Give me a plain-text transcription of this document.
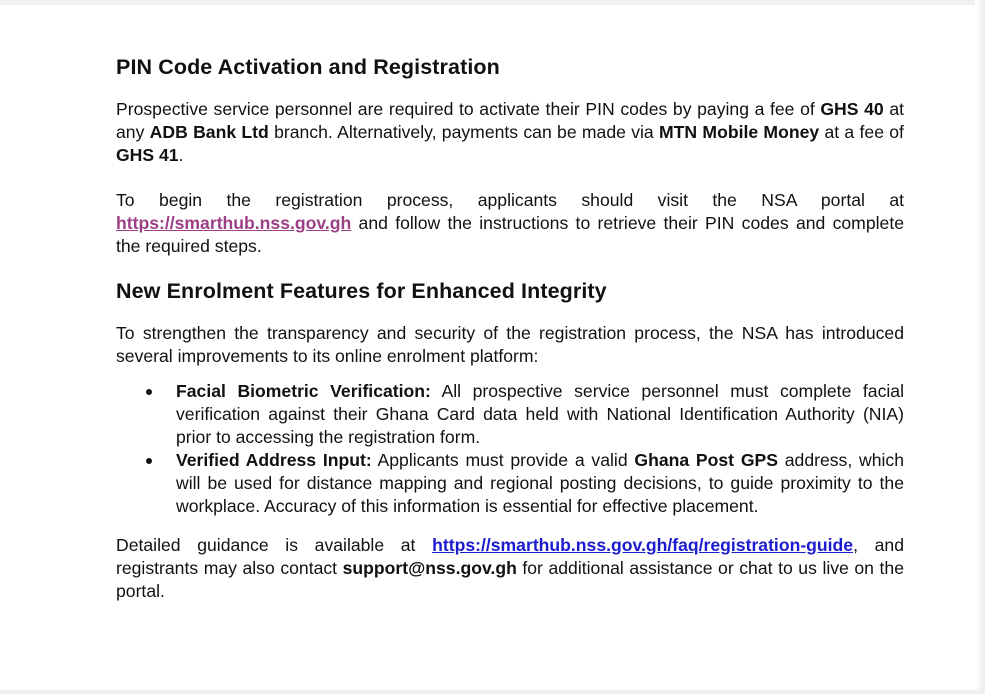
PIN Code Activation and Registration

Prospective service personnel are required to activate their PIN codes by paying a fee of GHS 40 at any ADB Bank Ltd branch. Alternatively, payments can be made via MTN Mobile Money at a fee of GHS 41.

To begin the registration process, applicants should visit the NSA portal at https://smarthub.nss.gov.gh and follow the instructions to retrieve their PIN codes and complete the required steps.

New Enrolment Features for Enhanced Integrity

To strengthen the transparency and security of the registration process, the NSA has introduced several improvements to its online enrolment platform:

Facial Biometric Verification: All prospective service personnel must complete facial verification against their Ghana Card data held with National Identification Authority (NIA) prior to accessing the registration form.
Verified Address Input: Applicants must provide a valid Ghana Post GPS address, which will be used for distance mapping and regional posting decisions, to guide proximity to the workplace. Accuracy of this information is essential for effective placement.

Detailed guidance is available at https://smarthub.nss.gov.gh/faq/registration-guide, and registrants may also contact support@nss.gov.gh for additional assistance or chat to us live on the portal.
